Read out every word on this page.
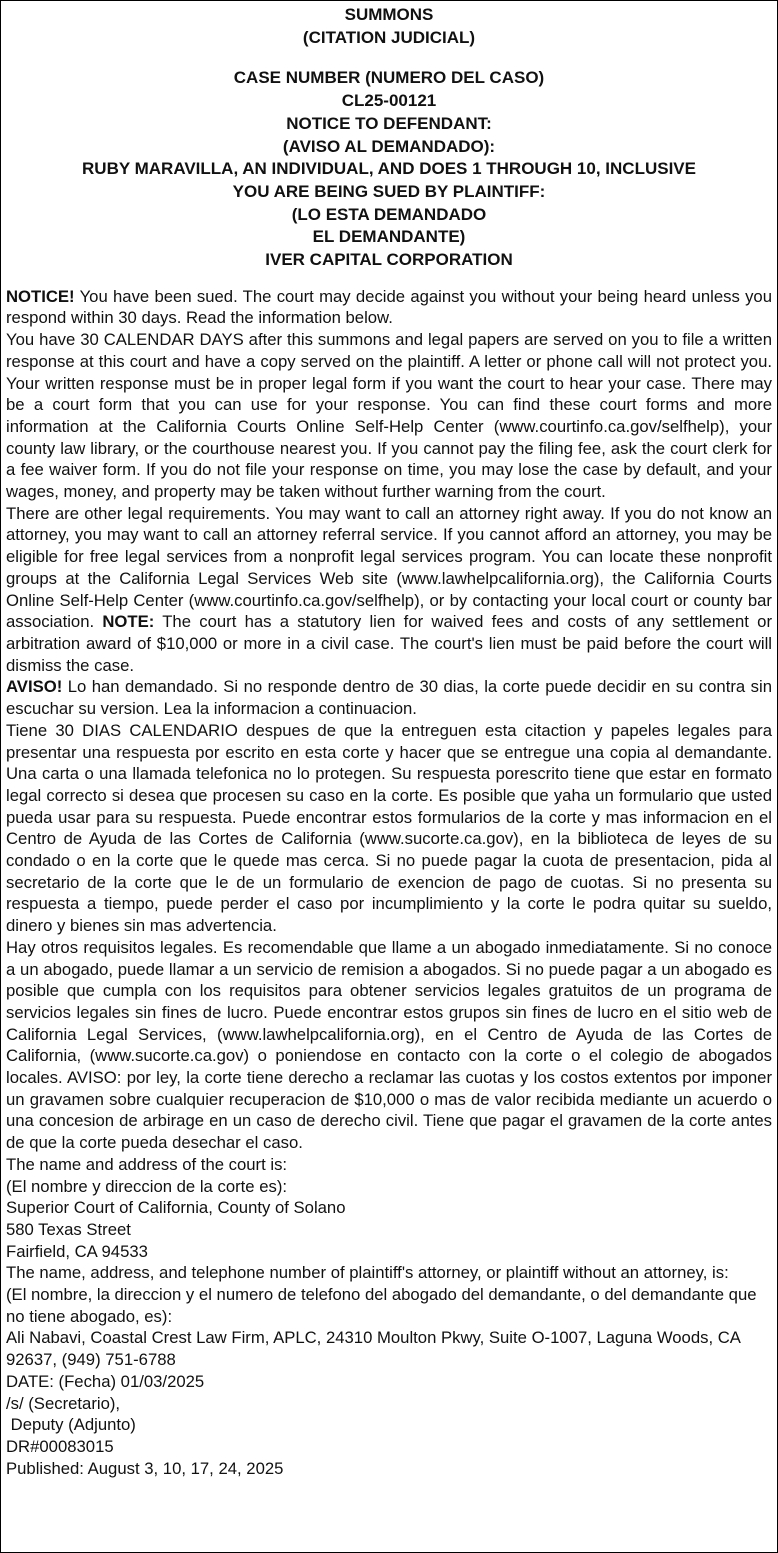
SUMMONS
(CITATION JUDICIAL)
CASE NUMBER (NUMERO DEL CASO)
CL25-00121
NOTICE TO DEFENDANT:
(AVISO AL DEMANDADO):
RUBY MARAVILLA, AN INDIVIDUAL, AND DOES 1 THROUGH 10, INCLUSIVE
YOU ARE BEING SUED BY PLAINTIFF:
(LO ESTA DEMANDADO
EL DEMANDANTE)
IVER CAPITAL CORPORATION

NOTICE! You have been sued. The court may decide against you without your being heard unless you respond within 30 days. Read the information below.

You have 30 CALENDAR DAYS after this summons and legal papers are served on you to file a written response at this court and have a copy served on the plaintiff. A letter or phone call will not protect you. Your written response must be in proper legal form if you want the court to hear your case. There may be a court form that you can use for your response. You can find these court forms and more information at the California Courts Online Self-Help Center (www.courtinfo.ca.gov/selfhelp), your county law library, or the courthouse nearest you. If you cannot pay the filing fee, ask the court clerk for a fee waiver form. If you do not file your response on time, you may lose the case by default, and your wages, money, and property may be taken without further warning from the court.

There are other legal requirements. You may want to call an attorney right away. If you do not know an attorney, you may want to call an attorney referral service. If you cannot afford an attorney, you may be eligible for free legal services from a nonprofit legal services program. You can locate these nonprofit groups at the California Legal Services Web site (www.lawhelpcalifornia.org), the California Courts Online Self-Help Center (www.courtinfo.ca.gov/selfhelp), or by contacting your local court or county bar association. NOTE: The court has a statutory lien for waived fees and costs of any settlement or arbitration award of $10,000 or more in a civil case. The court's lien must be paid before the court will dismiss the case.

AVISO! Lo han demandado. Si no responde dentro de 30 dias, la corte puede decidir en su contra sin escuchar su version. Lea la informacion a continuacion.

Tiene 30 DIAS CALENDARIO despues de que la entreguen esta citaction y papeles legales para presentar una respuesta por escrito en esta corte y hacer que se entregue una copia al demandante. Una carta o una llamada telefonica no lo protegen. Su respuesta porescrito tiene que estar en formato legal correcto si desea que procesen su caso en la corte. Es posible que yaha un formulario que usted pueda usar para su respuesta. Puede encontrar estos formularios de la corte y mas informacion en el Centro de Ayuda de las Cortes de California (www.sucorte.ca.gov), en la biblioteca de leyes de su condado o en la corte que le quede mas cerca. Si no puede pagar la cuota de presentacion, pida al secretario de la corte que le de un formulario de exencion de pago de cuotas. Si no presenta su respuesta a tiempo, puede perder el caso por incumplimiento y la corte le podra quitar su sueldo, dinero y bienes sin mas advertencia.

Hay otros requisitos legales. Es recomendable que llame a un abogado inmediatamente. Si no conoce a un abogado, puede llamar a un servicio de remision a abogados. Si no puede pagar a un abogado es posible que cumpla con los requisitos para obtener servicios legales gratuitos de un programa de servicios legales sin fines de lucro. Puede encontrar estos grupos sin fines de lucro en el sitio web de California Legal Services, (www.lawhelpcalifornia.org), en el Centro de Ayuda de las Cortes de California, (www.sucorte.ca.gov) o poniendose en contacto con la corte o el colegio de abogados locales. AVISO: por ley, la corte tiene derecho a reclamar las cuotas y los costos extentos por imponer un gravamen sobre cualquier recuperacion de $10,000 o mas de valor recibida mediante un acuerdo o una concesion de arbirage en un caso de derecho civil. Tiene que pagar el gravamen de la corte antes de que la corte pueda desechar el caso.

The name and address of the court is:

(El nombre y direccion de la corte es):

Superior Court of California, County of Solano

580 Texas Street

Fairfield, CA 94533

The name, address, and telephone number of plaintiff's attorney, or plaintiff without an attorney, is:

(El nombre, la direccion y el numero de telefono del abogado del demandante, o del demandante que no tiene abogado, es):

Ali Nabavi, Coastal Crest Law Firm, APLC, 24310 Moulton Pkwy, Suite O-1007, Laguna Woods, CA 92637, (949) 751-6788

DATE: (Fecha) 01/03/2025

/s/ (Secretario),

Deputy (Adjunto)

DR#00083015

Published: August 3, 10, 17, 24, 2025
